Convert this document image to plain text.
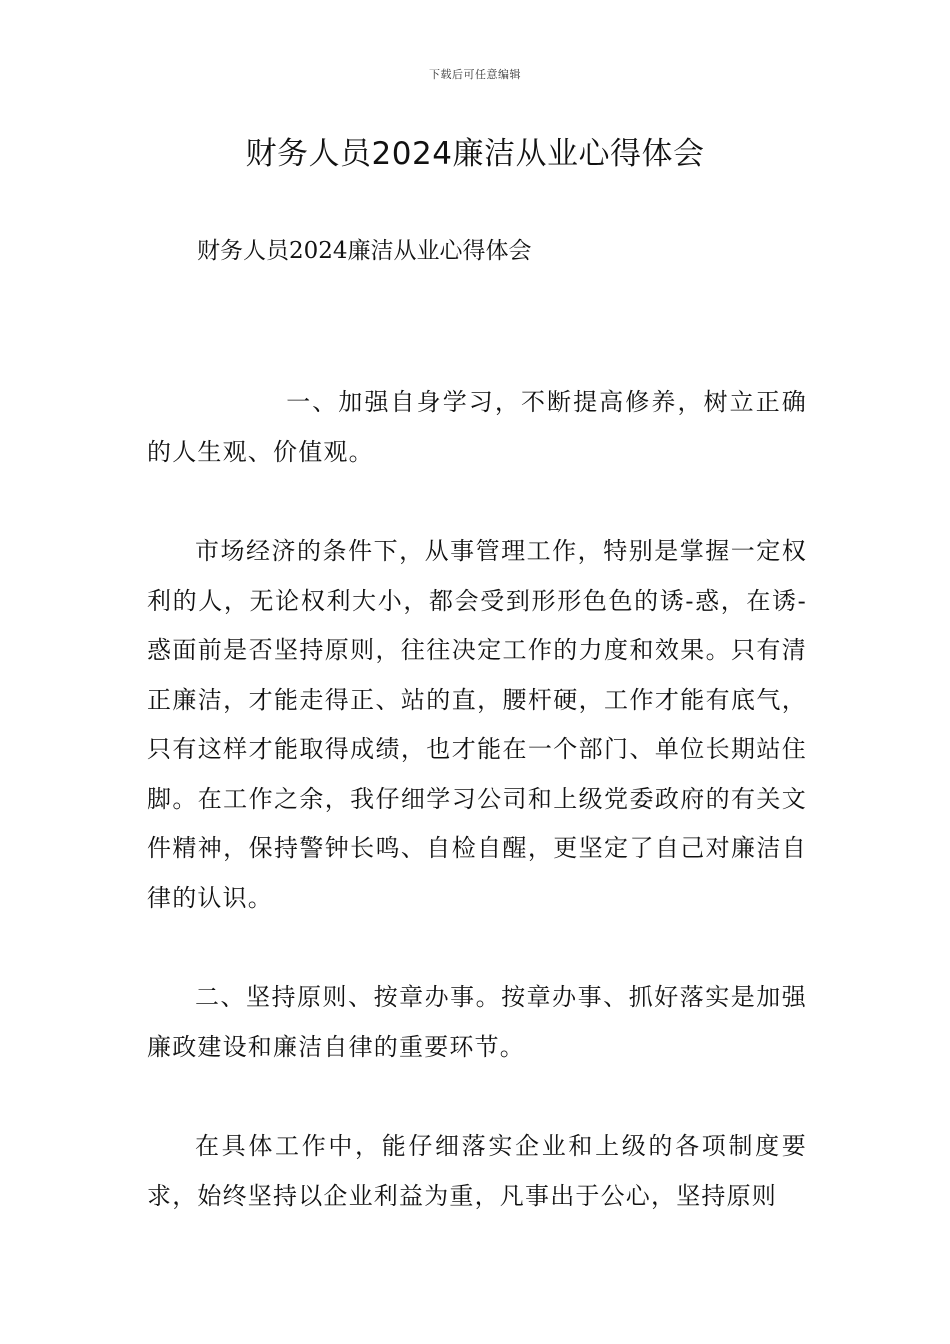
下载后可任意编辑
财务人员2024廉洁从业心得体会

财务人员2024廉洁从业心得体会

一、加强自身学习，不断提高修养，树立正确的人生观、价值观。

市场经济的条件下，从事管理工作，特别是掌握一定权利的人，无论权利大小，都会受到形形色色的诱-惑，在诱-惑面前是否坚持原则，往往决定工作的力度和效果。只有清正廉洁，才能走得正、站的直，腰杆硬，工作才能有底气，只有这样才能取得成绩，也才能在一个部门、单位长期站住脚。在工作之余，我仔细学习公司和上级党委政府的有关文件精神，保持警钟长鸣、自检自醒，更坚定了自己对廉洁自律的认识。

二、坚持原则、按章办事。按章办事、抓好落实是加强廉政建设和廉洁自律的重要环节。

在具体工作中，能仔细落实企业和上级的各项制度要求，始终坚持以企业利益为重，凡事出于公心，坚持原则
